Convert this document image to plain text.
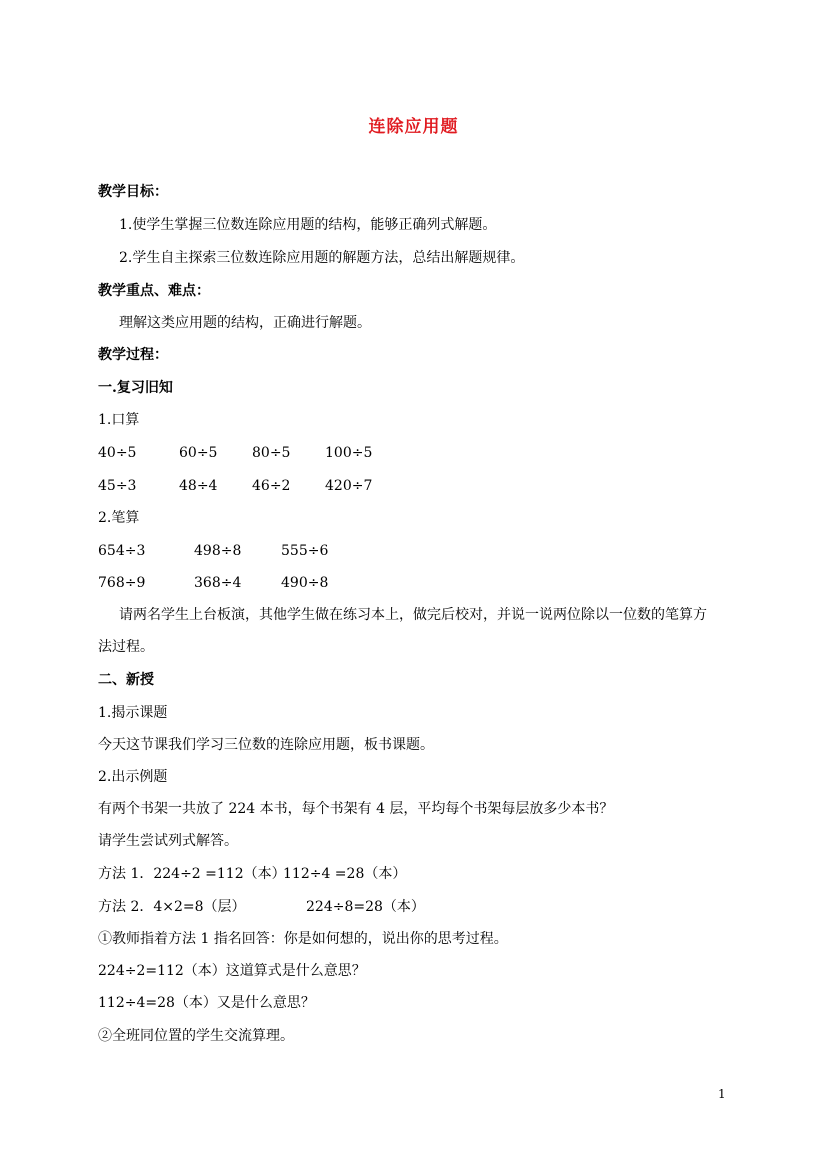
连除应用题
教学目标：
1.使学生掌握三位数连除应用题的结构，能够正确列式解题。
2.学生自主探索三位数连除应用题的解题方法，总结出解题规律。
教学重点、难点：
理解这类应用题的结构，正确进行解题。
教学过程：
一.复习旧知
1.口算
40÷5	60÷5 80÷5 100÷5
45÷3	48÷4 46÷2 420÷7
2.笔算
654÷3	498÷8	555÷6
768÷9	368÷4	490÷8
请两名学生上台板演，其他学生做在练习本上，做完后校对，并说一说两位除以一位数的笔算方
法过程。
二、新授
1.揭示课题
今天这节课我们学习三位数的连除应用题，板书课题。
2.出示例题
有两个书架一共放了 224 本书，每个书架有 4 层，平均每个书架每层放多少本书？
请学生尝试列式解答。
方法 1．224÷2 =112（本）
112÷4 =28（本）
方法 2．4×2=8（层）	224÷8=28（本）
①教师指着方法 1 指名回答：你是如何想的，说出你的思考过程。
224÷2=112（本）这道算式是什么意思？
112÷4=28（本）又是什么意思？
②全班同位置的学生交流算理。
1
